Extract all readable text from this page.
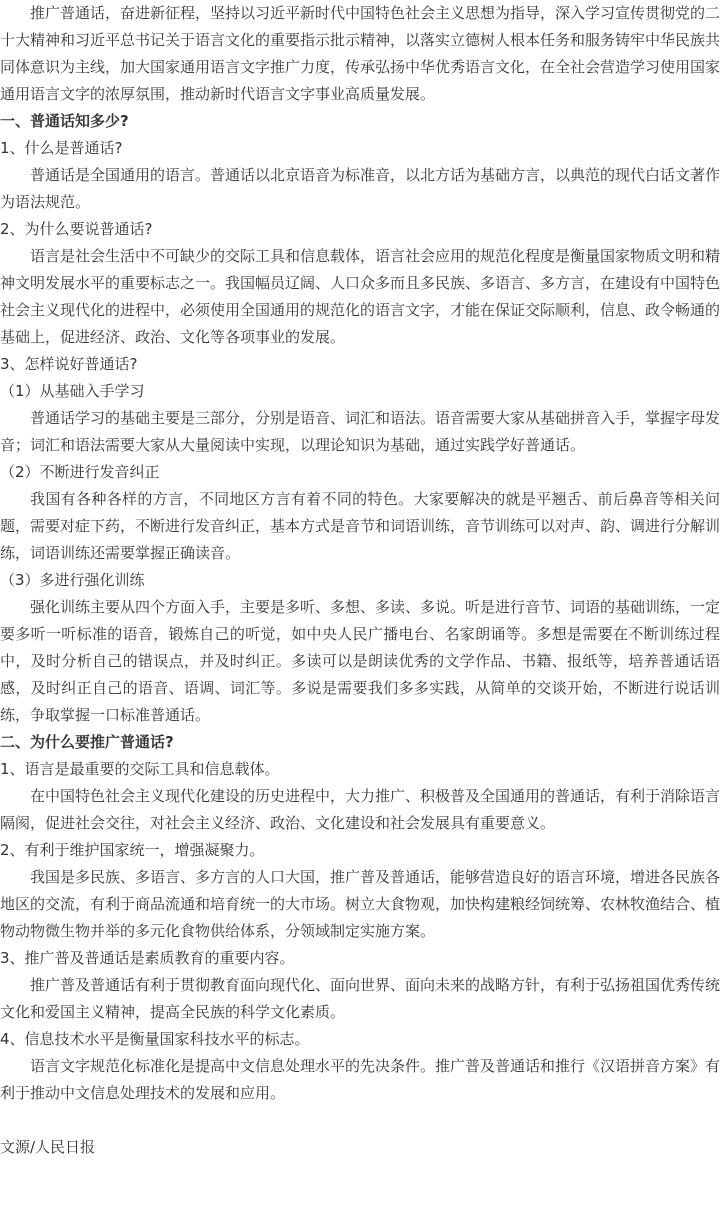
推广普通话，奋进新征程，坚持以习近平新时代中国特色社会主义思想为指导，深入学习宣传贯彻党的二十大精神和习近平总书记关于语言文化的重要指示批示精神，以落实立德树人根本任务和服务铸牢中华民族共同体意识为主线，加大国家通用语言文字推广力度，传承弘扬中华优秀语言文化，在全社会营造学习使用国家通用语言文字的浓厚氛围，推动新时代语言文字事业高质量发展。

一、普通话知多少?

1、什么是普通话?

普通话是全国通用的语言。普通话以北京语音为标准音，以北方话为基础方言，以典范的现代白话文著作为语法规范。

2、为什么要说普通话?

语言是社会生活中不可缺少的交际工具和信息载体，语言社会应用的规范化程度是衡量国家物质文明和精神文明发展水平的重要标志之一。我国幅员辽阔、人口众多而且多民族、多语言、多方言，在建设有中国特色社会主义现代化的进程中，必须使用全国通用的规范化的语言文字，才能在保证交际顺利，信息、政令畅通的基础上，促进经济、政治、文化等各项事业的发展。

3、怎样说好普通话?

（1）从基础入手学习

普通话学习的基础主要是三部分，分别是语音、词汇和语法。语音需要大家从基础拼音入手，掌握字母发音；词汇和语法需要大家从大量阅读中实现，以理论知识为基础，通过实践学好普通话。

（2）不断进行发音纠正

我国有各种各样的方言，不同地区方言有着不同的特色。大家要解决的就是平翘舌、前后鼻音等相关问题，需要对症下药，不断进行发音纠正，基本方式是音节和词语训练，音节训练可以对声、韵、调进行分解训练，词语训练还需要掌握正确读音。

（3）多进行强化训练

强化训练主要从四个方面入手，主要是多听、多想、多读、多说。听是进行音节、词语的基础训练，一定要多听一听标准的语音，锻炼自己的听觉，如中央人民广播电台、名家朗诵等。多想是需要在不断训练过程中，及时分析自己的错误点，并及时纠正。多读可以是朗读优秀的文学作品、书籍、报纸等，培养普通话语感，及时纠正自己的语音、语调、词汇等。多说是需要我们多多实践，从简单的交谈开始，不断进行说话训练，争取掌握一口标准普通话。

二、为什么要推广普通话?

1、语言是最重要的交际工具和信息载体。

在中国特色社会主义现代化建设的历史进程中，大力推广、积极普及全国通用的普通话，有利于消除语言隔阂，促进社会交往，对社会主义经济、政治、文化建设和社会发展具有重要意义。

2、有利于维护国家统一，增强凝聚力。

我国是多民族、多语言、多方言的人口大国，推广普及普通话，能够营造良好的语言环境，增进各民族各地区的交流，有利于商品流通和培育统一的大市场。树立大食物观，加快构建粮经饲统筹、农林牧渔结合、植物动物微生物并举的多元化食物供给体系，分领域制定实施方案。

3、推广普及普通话是素质教育的重要内容。

推广普及普通话有利于贯彻教育面向现代化、面向世界、面向未来的战略方针，有利于弘扬祖国优秀传统文化和爱国主义精神，提高全民族的科学文化素质。

4、信息技术水平是衡量国家科技水平的标志。

语言文字规范化标准化是提高中文信息处理水平的先决条件。推广普及普通话和推行《汉语拼音方案》有利于推动中文信息处理技术的发展和应用。

文源/人民日报
